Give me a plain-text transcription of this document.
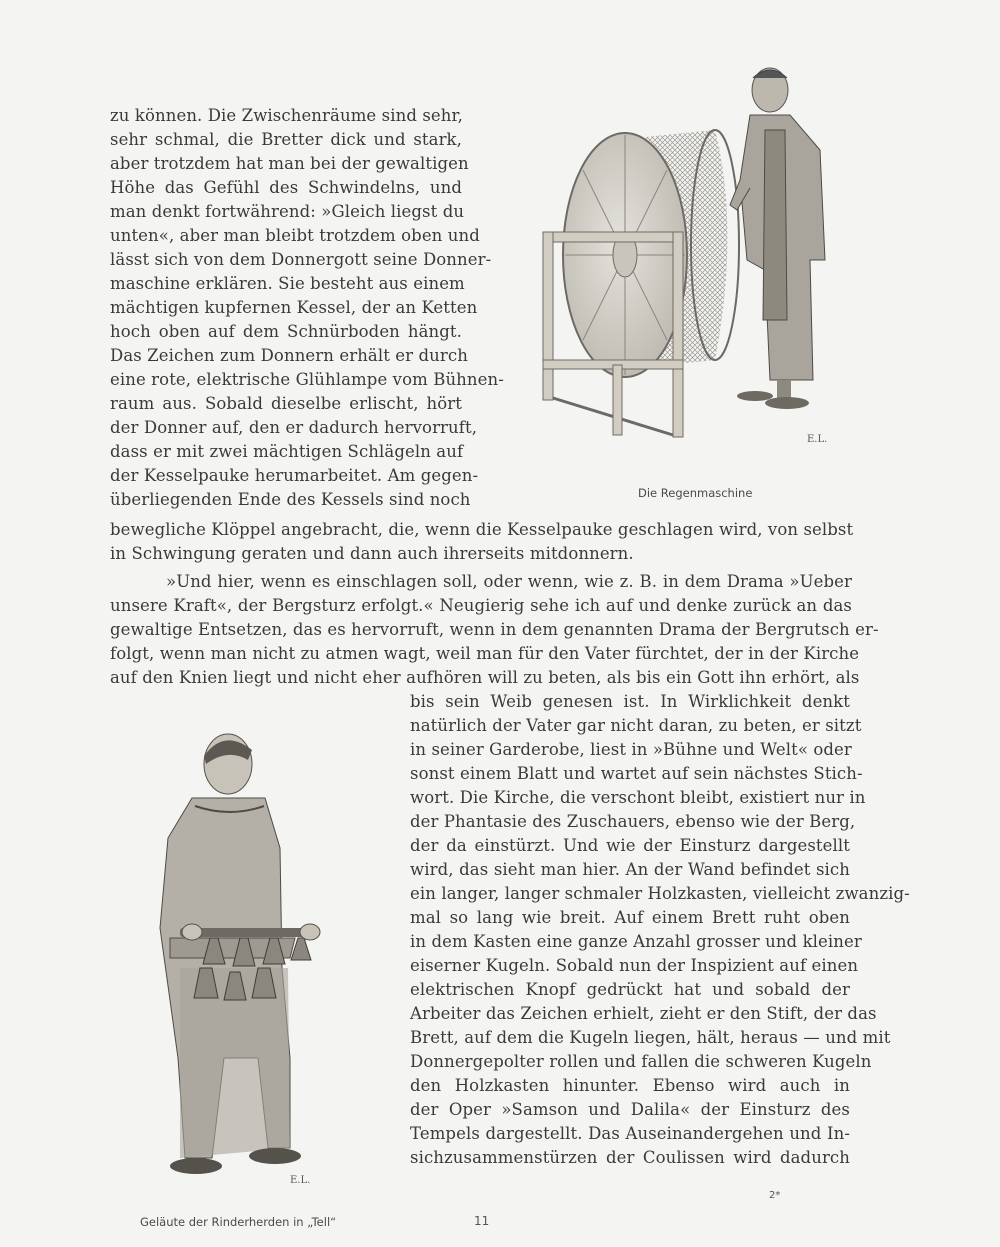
zu können. Die Zwischenräume sind sehr,
sehr schmal, die Bretter dick und stark,
aber trotzdem hat man bei der gewaltigen
Höhe das Gefühl des Schwindelns, und
man denkt fortwährend: »Gleich liegst du
unten«, aber man bleibt trotzdem oben und
lässt sich von dem Donnergott seine Donner-
maschine erklären. Sie besteht aus einem
mächtigen kupfernen Kessel, der an Ketten
hoch oben auf dem Schnürboden hängt.
Das Zeichen zum Donnern erhält er durch
eine rote, elektrische Glühlampe vom Bühnen-
raum aus. Sobald dieselbe erlischt, hört
der Donner auf, den er dadurch hervorruft,
dass er mit zwei mächtigen Schlägeln auf
der Kesselpauke herumarbeitet. Am gegen-
überliegenden Ende des Kessels sind noch
bewegliche Klöppel angebracht, die, wenn die Kesselpauke geschlagen wird, von selbst
in Schwingung geraten und dann auch ihrerseits mitdonnern.
»Und hier, wenn es einschlagen soll, oder wenn, wie z. B. in dem Drama »Ueber
unsere Kraft«, der Bergsturz erfolgt.« Neugierig sehe ich auf und denke zurück an das
gewaltige Entsetzen, das es hervorruft, wenn in dem genannten Drama der Bergrutsch er-
folgt, wenn man nicht zu atmen wagt, weil man für den Vater fürchtet, der in der Kirche
auf den Knien liegt und nicht eher aufhören will zu beten, als bis ein Gott ihn erhört, als
bis sein Weib genesen ist. In Wirklichkeit denkt
natürlich der Vater gar nicht daran, zu beten, er sitzt
in seiner Garderobe, liest in »Bühne und Welt« oder
sonst einem Blatt und wartet auf sein nächstes Stich-
wort. Die Kirche, die verschont bleibt, existiert nur in
der Phantasie des Zuschauers, ebenso wie der Berg,
der da einstürzt. Und wie der Einsturz dargestellt
wird, das sieht man hier. An der Wand befindet sich
ein langer, langer schmaler Holzkasten, vielleicht zwanzig-
mal so lang wie breit. Auf einem Brett ruht oben
in dem Kasten eine ganze Anzahl grosser und kleiner
eiserner Kugeln. Sobald nun der Inspizient auf einen
elektrischen Knopf gedrückt hat und sobald der
Arbeiter das Zeichen erhielt, zieht er den Stift, der das
Brett, auf dem die Kugeln liegen, hält, heraus — und mit
Donnergepolter rollen und fallen die schweren Kugeln
den Holzkasten hinunter. Ebenso wird auch in
der Oper »Samson und Dalila« der Einsturz des
Tempels dargestellt. Das Auseinandergehen und In-
sichzusammenstürzen der Coulissen wird dadurch
E.L.
Die Regenmaschine
E.L.
Geläute der Rinderherden in „Tell“	11
2*
